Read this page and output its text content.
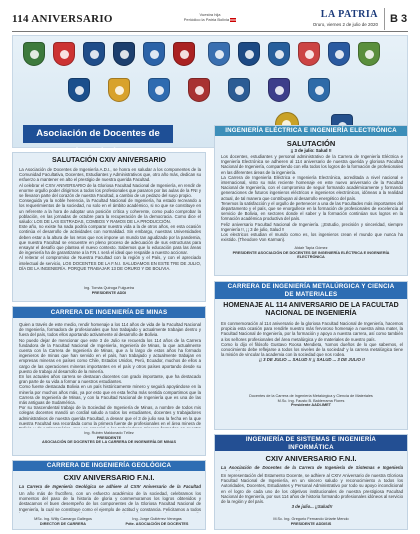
114 ANIVERSARIO	Vuestra hija
Periódico la Patria Bolivia	LA PATRIA
Oruro, viernes 2 de julio de 2020	B 3
Asociación de Docentes de
SALUTACIÓN CXIV ANIVERSARIO

La Asociación de Docentes de Ingeniería A.D.I., se honra en saludar a los componentes de la Comunidad Facultativa, Docentes, Estudiantes y Administrativos que, otro año más, dedican su esfuerzo a mantener en alto el prestigio de nuestra querida Facultad.

Al celebrar el CXIV ANIVERSARIO de la Gloriosa Facultad Nacional de Ingeniería, en rendir de enorme orgullo poder dirigirnos a todos los profesionales que pasaron por las aulas de la FNI y se llevaron parte del corazón de nuestra Facultad, a cambio de un pedazo del suyo propio.

Conseguida ya la noble herencia, la Facultad Nacional de Ingeniería, ha estado recreando a los requerimientos de la sociedad, no solo en el ámbito académico, si no que se constituye en un referente a la hora de adoptar una posición crítica y coherente, como pudo comprobar la población, en las jornadas de octubre para la recuperación de la democracia. Como dice el saludo: LOS DE LAS ESTRADAS, COMBOS Y RAMOS DE LA PRODUCCIÓN.

Este año, no existe ha nada podría comparar nuestra vida a la de otros años, en esta ocasión continúa el desarrollo de actividades con normalidad. Sin embargo, nuestras Universidades deben estar a la altura de los retos que nos impone un mundo tan agudizado por la pandemia, que nuestra Facultad se encuentre en pleno proceso de adecuación de sus estructuras para ensayar el desafío que plantea el nuevo contexto. Sabemos que lo educación para las áreas de ingeniería ha de garantizarse a la F.N.I. será el ideal que respalde a nuestro accionar.

Al reiterar el compromiso de Nuestra Facultad con la región y el País, y con el apreciado intelectual de servicio, LOS DOCENTES DE LA F.N.I. SALUDAMOS EN ESTE TRE DE JULIO, DÍA DE LA INGENIERÍA. PORQUE TRABAJAR 13 DE ORURO Y DE BOLIVIA.

Ing. Tomás Quiroga Fulgueira
PRESIDENTE ADDI
INGENIERÍA ELÉCTRICA E INGENIERÍA ELECTRÓNICA
SALUTACIÓN
¡¡ 3 de julio: Salud !!

Los docentes, estudiantes y personal administrativo de la Carrera de Ingeniería Eléctrica e Ingeniería Electrónica se adhieren al 114 aniversario de nuestra querida y gloriosa Facultad Nacional de Ingeniería, compartiendo con ella todos los logros de la formación de profesionales en las diferentes áreas de la ingeniería.

La Carrera de Ingeniería Eléctrica e Ingeniería Electrónica, acreditada a nivel nacional e internacional, visto su más reciente homenaje en este nuevo aniversario de la Facultad Nacional de Ingeniería, con el compromiso de seguir formando académicamente y formando generaciones de futuros ingenieros eléctricos e ingenieros electrónicos, idóneas a la realidad actual, de tal manera que contribuyan al desarrollo energético del país.

Tenemos la satisfacción y el orgullo de pertenecer a una de las Facultades más importantes del departamento y el país, que se enorgullece en la formación de profesionales de excelencia al servicio de Bolivia, en sectores donde el saber y la formación continúan sus logros en la formación académica productiva del país.

Feliz aniversario Facultad Nacional de Ingeniería. ¡¡Estudio, precisión y sinceridad, siempre Ingeniería !!, ¡¡ 3 de julio, Salud !!

Los electricos estudian el mundo como es, los ingenieros crean el mundo que nunca ha existido. (Theodore Von Karman).

Aldair Tapia Gómez
PRESIDENTE ASOCIACIÓN DE DOCENTES DE INGENIERÍA ELÉCTRICA E INGENIERÍA ELECTRÓNICA
CARRERA DE INGENIERÍA DE MINAS

Quien a través de este medio, rendir homenaje a los 114 años de vida de la Facultad Nacional de Ingeniería, formadora de profesionales que han trabajado y actualmente trabajan dentro y fuera del país, todos ellos aportando activamente al desarrollo de Bolivia.

No puedo dejar de mencionar que este 3 de Julio se recuerda los 114 años de la Carrera fundadora de la Facultad Nacional de Ingeniería, Ingeniería de Minas, la que actualmente cuenta con la Carrera de Ingeniería de Minas, que a lo largo de estos años ha formado ingenieros de minas que han servido en el país, han trabajado y actualmente trabajan en empresas mineras en países como Chile, Estados Unidos, Perú, Ecuador, muchos de ellos a cargo de las operaciones mineras importantes en el país y otros países aportando desde su puesto de trabajo al desarrollo de la minería.

En los actuales años carrera se destacan docentes con grado importante, que ha destacado gran parte de su vida a formar a nuestros estudiantes.

Como fuente destacada Bolivia en un país históricamente minero y seguirá apoyándose en la minería por muchos años más, ya por esto que en esta fecha más sentida compartimos que la Carrera de Ingeniería de Minas, y con la Facultad Nacional de Ingeniería que es una de las más antiguas de Sudamérica.

Por su trascendental trabajo de la Sociedad de Ingeniería de Minas, a nombre de todos mis colegas docentes mandó un cordial saludo a todos los estudiantes, docentes y trabajadores administrativos de nuestra querida Facultad, a desear que el 3 de julio sea la fecha en la que nuestra Facultad sea recordada como la primera fuente de profesionales en el área minera de

Ing. Rubén Maldonado Téllez
PRESIDENTE
ASOCIACIÓN DE DOCENTES DE LA CARRERA DE INGENIERÍA DE MINAS
CARRERA DE INGENIERÍA GEOLÓGICA
CXIV ANIVERSARIO F.N.I.
La Carrera de Ingeniería Geológica se adhiere al CXIV Aniversario de la Facultad

Un año más de fructífero, con un esfuerzo académico de la sociedad, celebramos los momentos del paso de la historia de gloria y conmemoramos los logros obtenidos y destacamos el buen desempeño de los componentes de la Gloriosa Facultad Nacional de Ingeniería, la cual se constituye como el ejemplo de actitud y constancia. Felicitamos a todos

MSc. Ing. Willy Camargo Gallegos
DIRECTOR DE CARRERA
Ing. Jorge Gutiérrez Venegas
Pdte. ASOCIACIÓN DE DOCENTES
CARRERA DE INGENIERÍA METALÚRGICA Y CIENCIA DE MATERIALES
HOMENAJE AL 114 ANIVERSARIO DE LA FACULTAD NACIONAL DE INGENIERÍA

En conmemoración al 114 aniversario de la gloriosa Facultad Nacional de Ingeniería, hacemos propicia esta ocasión para rendirle nuestro más fervoroso homenaje a nuestra alma mater, la Facultad Nacional de Ingeniería, por la formación y apoyo a nuestra carrera, así como también a los señores profesionales del área metalúrgica y de materiales de nuestro país.

Como lo dijo el filósofo Gustavo Roosa Mendieta, 'somos dueños de lo que sabemos, el conocimiento debe reflejarse a todos los niveles de la sociedad' y la carrera metalúrgica tiene la misión de vincular la academia con la sociedad que nos rodea.

¡¡ 3 DE JULIO ... SALUD !! ¡¡ SALUD ... 3 DE JULIO !!

Docentes de la Carrera de Ingeniería Metalúrgica y Ciencia de Materiales
M.Sc. Ing. Fausto B. Balderrama Flores
Presidente AADI-IMET
INGENIERÍA DE SISTEMAS E INGENIERÍA INFORMÁTICA
CXIV ANIVERSARIO F.N.I.
La Asociación de Docentes de la Carrera de Ingeniería de Sistemas e Ingeniería

En representación del Estamento Docente, se adhiere al CXIV Aniversario de nuestra Gloriosa Facultad Nacional de Ingeniería, en un sincero saludo y reconocimiento a todos los Autoridades, Docentes, Estudiantes y Personal Administrativo por todo su apoyo incondicional en el logro de cada uno de los objetivos institucionales de nuestra prestigiosa Facultad Nacional de Ingeniería, por sus 114 años de historia formando profesionales idóneos al servicio de la región y del país.

3 de julio... ¡¡Salud!!

M.Sc. Ing. Gregorio Fernando Uriarte Mendo
PRESIDENTE ADDISIS
